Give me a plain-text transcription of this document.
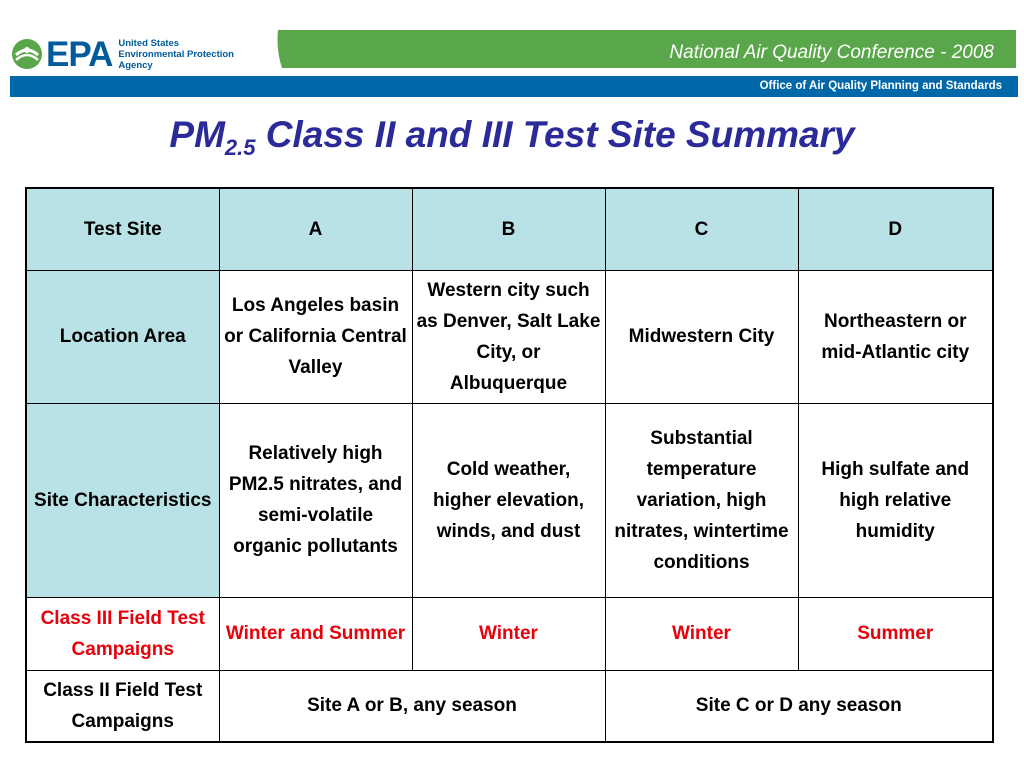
EPA United States
Environmental Protection
Agency
National Air Quality Conference - 2008
Office of Air Quality Planning and Standards
$PM_{2.5}$ Class II and III Test Site Summary
Test Site	A	B	C	D
Location Area	Los Angeles basin or California Central Valley	Western city such as Denver, Salt Lake City, or Albuquerque	Midwestern City	Northeastern or mid-Atlantic city
Site Characteristics	Relatively high PM2.5 nitrates, and semi-volatile organic pollutants	Cold weather, higher elevation, winds, and dust	Substantial temperature variation, high nitrates, wintertime conditions	High sulfate and high relative humidity
Class III Field Test Campaigns	Winter and Summer	Winter	Winter	Summer
Class II Field Test Campaigns	Site A or B, any season		Site C or D any season	
